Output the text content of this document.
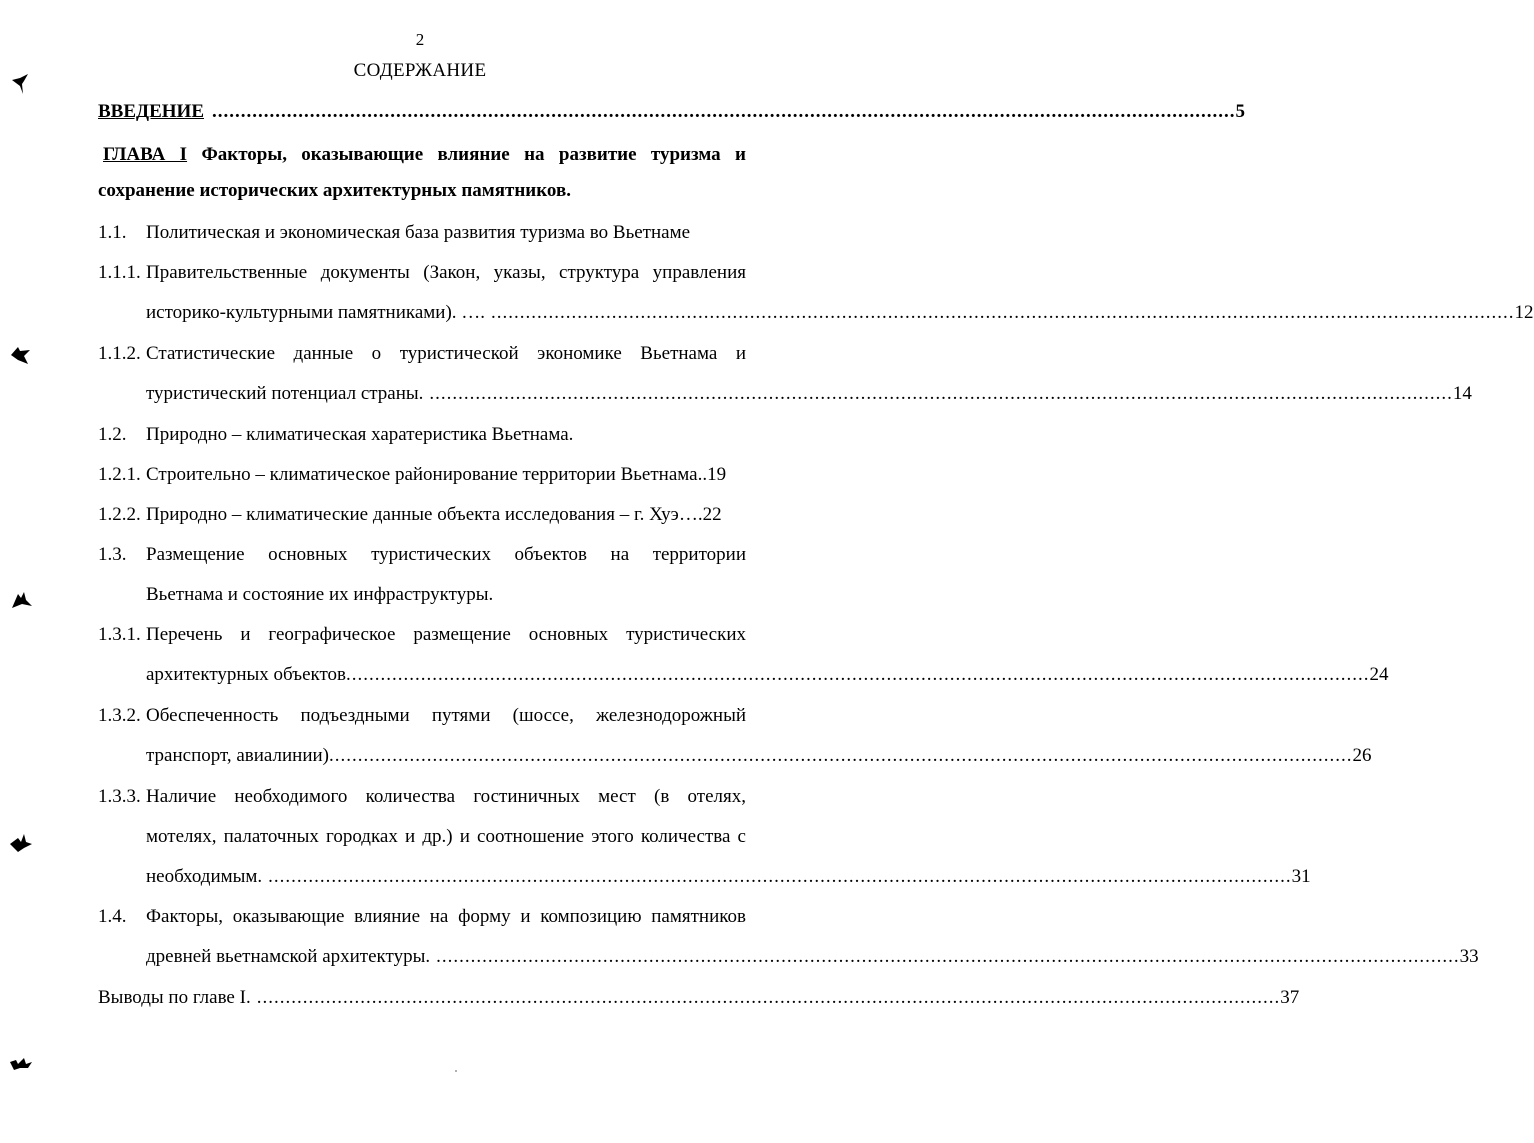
2
СОДЕРЖАНИЕ
ВВЕДЕНИЕ .................................................................................................................................................................................. 5
ГЛАВА I Факторы, оказывающие влияние на развитие туризма и
сохранение исторических архитектурных памятников.
1.1. Политическая и экономическая база развития туризма во Вьетнаме
1.1.1. Правительственные документы (Закон, указы, структура управления
историко-культурными памятниками). …. .................................................................................................................................................................................. 12
1.1.2. Статистические данные о туристической экономике Вьетнама и
туристический потенциал страны. .................................................................................................................................................................................. 14
1.2. Природно – климатическая харатеристика Вьетнама.
1.2.1. Строительно – климатическое районирование территории Вьетнама..19
1.2.2. Природно – климатические данные объекта исследования – г. Хуэ….22
1.3.	Размещение основных туристических объектов на территории
Вьетнама и состояние их инфраструктуры.
1.3.1. Перечень и географическое размещение основных туристических
архитектурных объектов .................................................................................................................................................................................. 24
1.3.2. Обеспеченность подъездными путями (шоссе, железнодорожный
транспорт, авиалинии) .................................................................................................................................................................................. 26
1.3.3. Наличие необходимого количества гостиничных мест (в отелях,
мотелях, палаточных городках и др.) и соотношение этого количества с
необходимым. .................................................................................................................................................................................. 31
1.4.	Факторы, оказывающие влияние на форму и композицию памятников
древней вьетнамской архитектуры. .................................................................................................................................................................................. 33
Выводы по главе I. .................................................................................................................................................................................. 37
